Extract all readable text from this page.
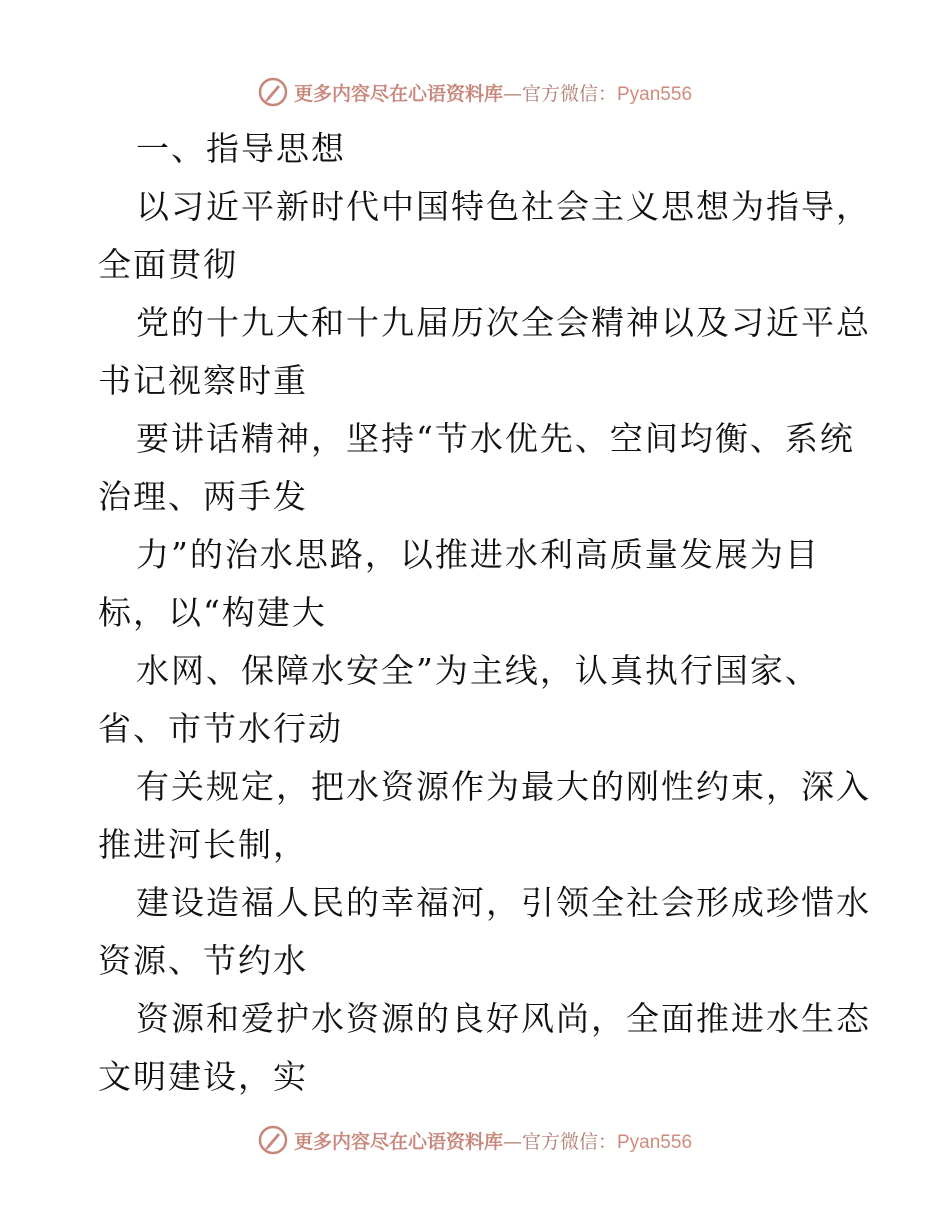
更多内容尽在心语资料库—官方微信：Pyan556
一、指导思想
以习近平新时代中国特色社会主义思想为指导，
全面贯彻
党的十九大和十九届历次全会精神以及习近平总
书记视察时重
要讲话精神，坚持“节水优先、空间均衡、系统
治理、两手发
力”的治水思路，以推进水利高质量发展为目
标，以“构建大
水网、保障水安全”为主线，认真执行国家、
省、市节水行动
有关规定，把水资源作为最大的刚性约束，深入
推进河长制，
建设造福人民的幸福河，引领全社会形成珍惜水
资源、节约水
资源和爱护水资源的良好风尚，全面推进水生态
文明建设，实
更多内容尽在心语资料库—官方微信：Pyan556
